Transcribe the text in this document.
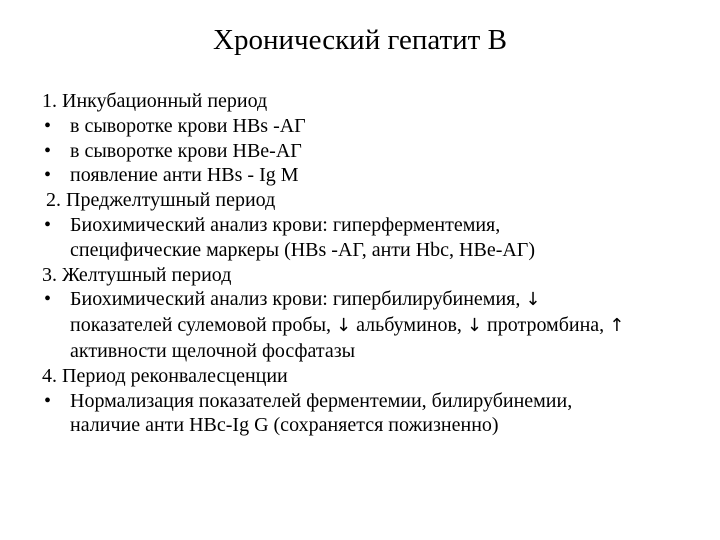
Хронический гепатит В
1. Инкубационный период
• в сыворотке крови НВs -АГ
• в сыворотке крови НВе-АГ
• появление анти НВs - Ig M
2. Преджелтушный период
• Биохимический анализ крови: гиперферментемия,
специфические маркеры (НВs -АГ, анти Hbc, НВе-АГ)
3. Желтушный период
• Биохимический анализ крови: гипербилирубинемия, ↓
показателей сулемовой пробы, ↓ альбуминов, ↓ протромбина, ↑
активности щелочной фосфатазы
4. Период реконвалесценции
• Нормализация показателей ферментемии, билирубинемии,
наличие анти НВс-Ig G (сохраняется пожизненно)
